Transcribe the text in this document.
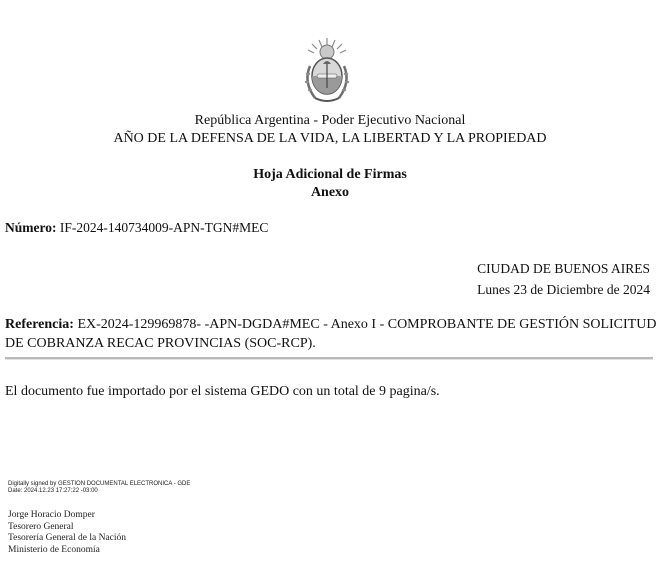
República Argentina - Poder Ejecutivo Nacional
AÑO DE LA DEFENSA DE LA VIDA, LA LIBERTAD Y LA PROPIEDAD
Hoja Adicional de Firmas
Anexo
Número: IF-2024-140734009-APN-TGN#MEC
CIUDAD DE BUENOS AIRES
Lunes 23 de Diciembre de 2024
Referencia: EX-2024-129969878- -APN-DGDA#MEC - Anexo I - COMPROBANTE DE GESTIÓN SOLICITUD DE COBRANZA RECAC PROVINCIAS (SOC-RCP).
El documento fue importado por el sistema GEDO con un total de 9 pagina/s.
Digitally signed by GESTION DOCUMENTAL ELECTRONICA - GDE
Date: 2024.12.23 17:27:22 -03:00
Jorge Horacio Domper
Tesorero General
Tesorería General de la Nación
Ministerio de Economía
